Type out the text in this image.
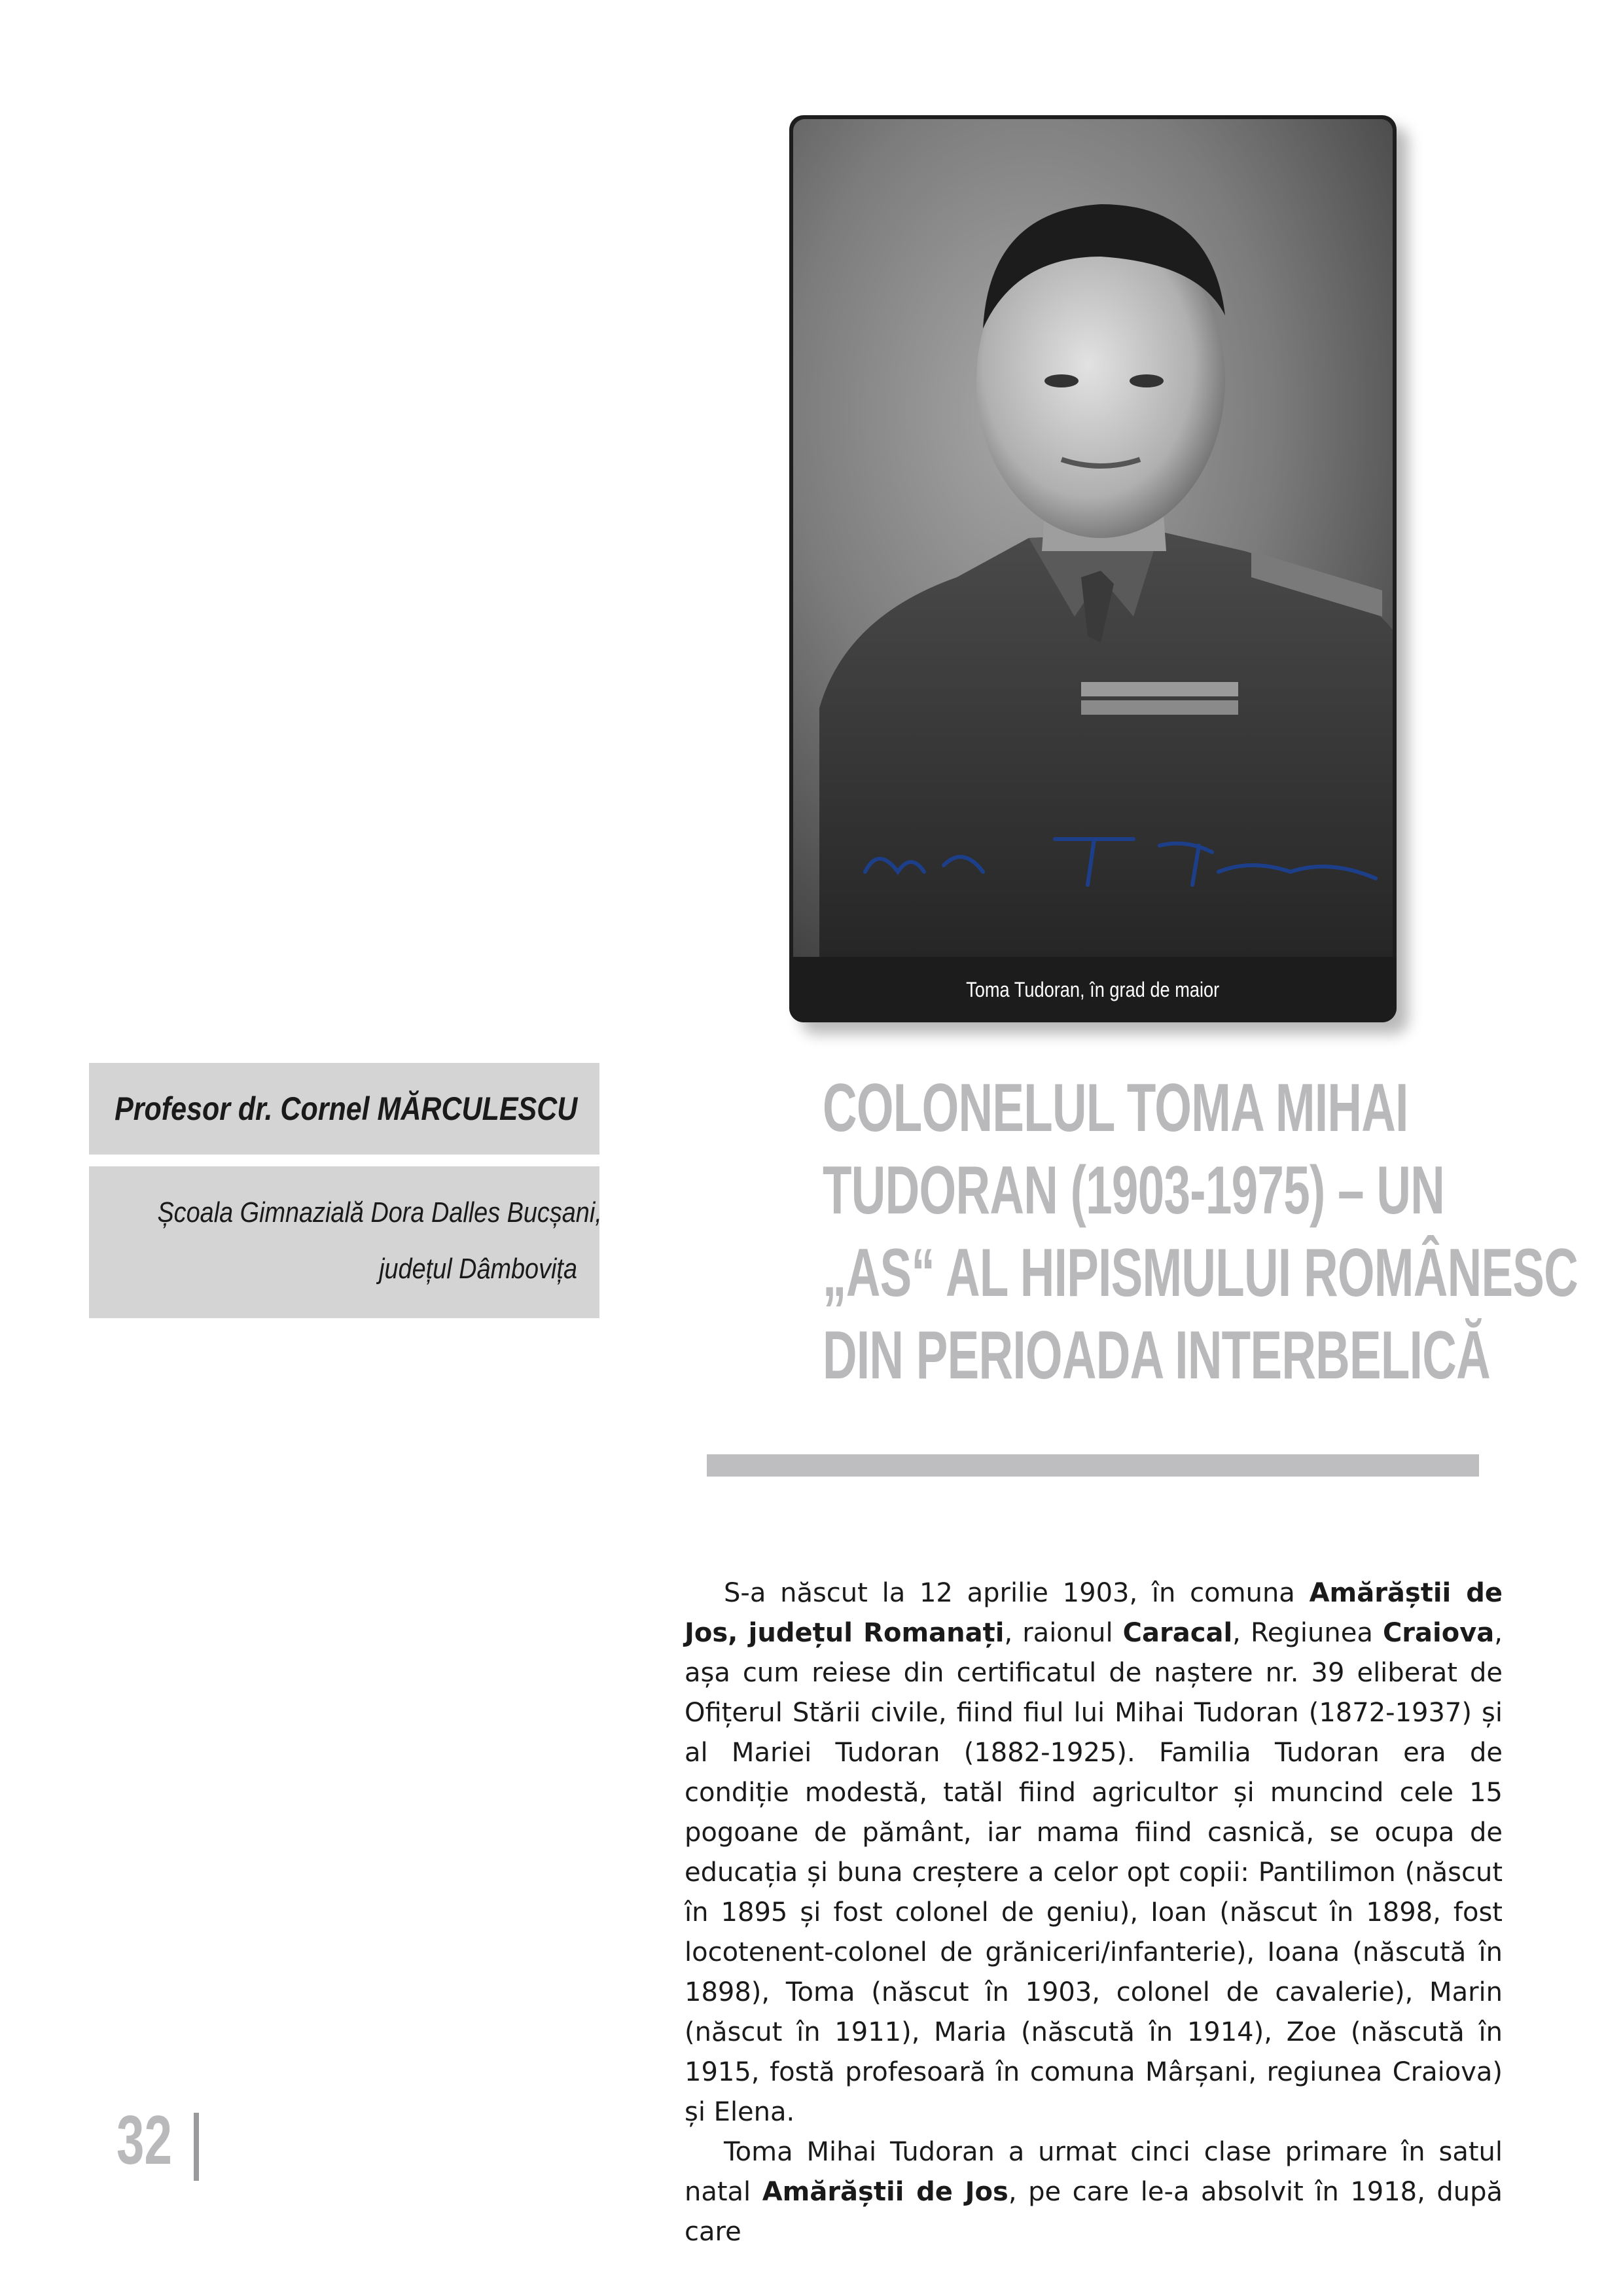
Toma Tudoran, în grad de maior
Profesor dr. Cornel MĂRCULESCU
Școala Gimnazială Dora Dalles Bucșani,
județul Dâmbovița
COLONELUL TOMA MIHAI
TUDORAN (1903-1975) – UN
„AS“ AL HIPISMULUI ROMÂNESC
DIN PERIOADA INTERBELICĂ

S-a născut la 12 aprilie 1903, în comuna Amărăștii de Jos, județul Romanați, raionul Caracal, Regiunea Craiova, așa cum reiese din certificatul de naștere nr. 39 eliberat de Ofițerul Stării civile, fiind fiul lui Mihai Tudoran (1872-1937) și al Mariei Tudoran (1882-1925). Familia Tudoran era de condiție modestă, tatăl fiind agricultor și muncind cele 15 pogoane de pământ, iar mama fiind casnică, se ocupa de educația și buna creștere a celor opt copii: Pantilimon (născut în 1895 și fost colonel de geniu), Ioan (născut în 1898, fost locotenent-colonel de grăniceri/infanterie), Ioana (născută în 1898), Toma (născut în 1903, colonel de cavalerie), Marin (născut în 1911), Maria (născută în 1914), Zoe (născută în 1915, fostă profesoară în comuna Mârșani, regiunea Craiova) și Elena.

Toma Mihai Tudoran a urmat cinci clase primare în satul natal Amărăștii de Jos, pe care le-a absolvit în 1918, după care

32
